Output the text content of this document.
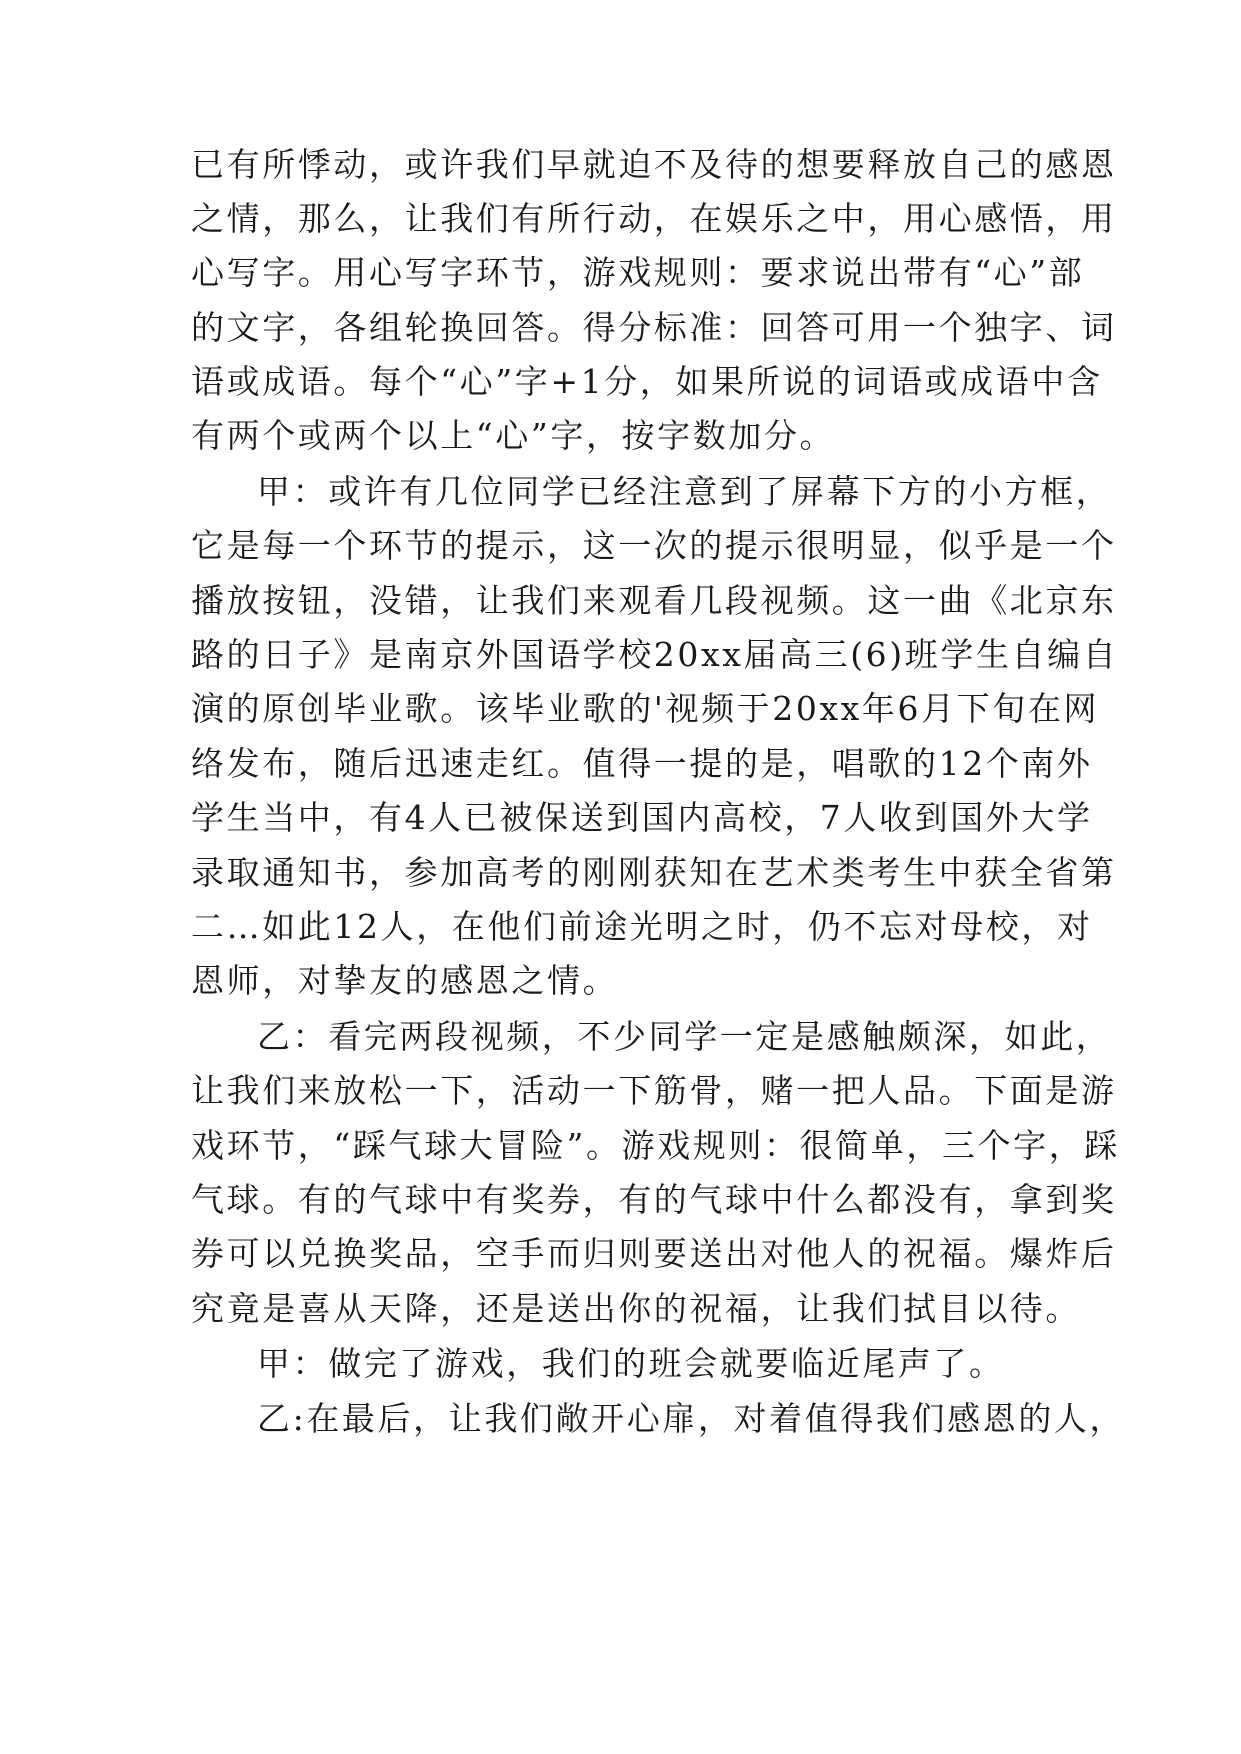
已有所悸动，或许我们早就迫不及待的想要释放自己的感恩
之情，那么，让我们有所行动，在娱乐之中，用心感悟，用
心写字。用心写字环节，游戏规则：要求说出带有“心”部
的文字，各组轮换回答。得分标准：回答可用一个独字、词
语或成语。每个“心”字+1分，如果所说的词语或成语中含
有两个或两个以上“心”字，按字数加分。
甲：或许有几位同学已经注意到了屏幕下方的小方框，
它是每一个环节的提示，这一次的提示很明显，似乎是一个
播放按钮，没错，让我们来观看几段视频。这一曲《北京东
路的日子》是南京外国语学校20xx届高三(6)班学生自编自
演的原创毕业歌。该毕业歌的'视频于20xx年6月下旬在网
络发布，随后迅速走红。值得一提的是，唱歌的12个南外
学生当中，有4人已被保送到国内高校，7人收到国外大学
录取通知书，参加高考的刚刚获知在艺术类考生中获全省第
二…如此12人，在他们前途光明之时，仍不忘对母校，对
恩师，对挚友的感恩之情。
乙：看完两段视频，不少同学一定是感触颇深，如此，
让我们来放松一下，活动一下筋骨，赌一把人品。下面是游
戏环节，“踩气球大冒险”。游戏规则：很简单，三个字，踩
气球。有的气球中有奖券，有的气球中什么都没有，拿到奖
券可以兑换奖品，空手而归则要送出对他人的祝福。爆炸后
究竟是喜从天降，还是送出你的祝福，让我们拭目以待。
甲：做完了游戏，我们的班会就要临近尾声了。
乙:在最后，让我们敞开心扉，对着值得我们感恩的人，
